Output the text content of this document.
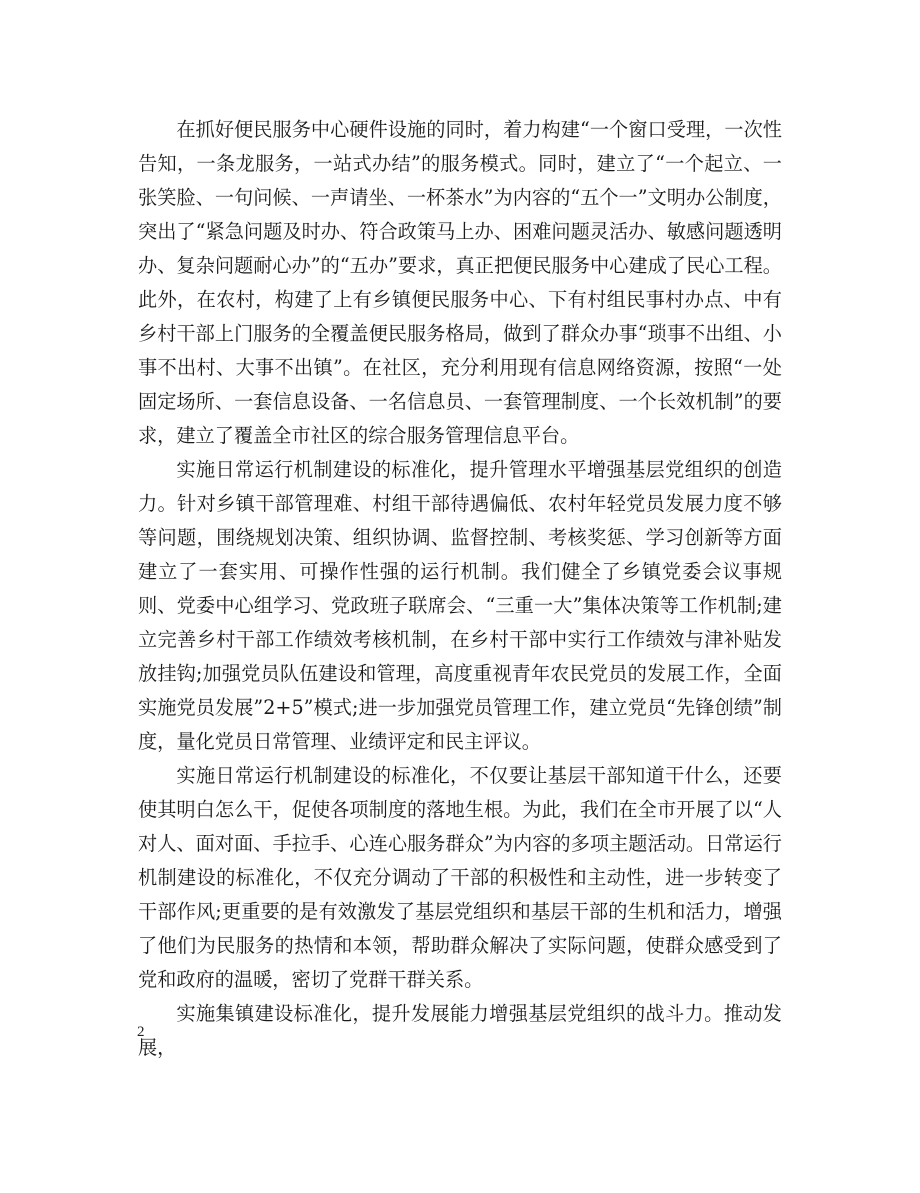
在抓好便民服务中心硬件设施的同时，着力构建“一个窗口受理，一次性告知，一条龙服务，一站式办结”的服务模式。同时，建立了“一个起立、一张笑脸、一句问候、一声请坐、一杯茶水”为内容的“五个一”文明办公制度，突出了“紧急问题及时办、符合政策马上办、困难问题灵活办、敏感问题透明办、复杂问题耐心办”的“五办”要求，真正把便民服务中心建成了民心工程。此外，在农村，构建了上有乡镇便民服务中心、下有村组民事村办点、中有乡村干部上门服务的全覆盖便民服务格局，做到了群众办事“琐事不出组、小事不出村、大事不出镇”。在社区，充分利用现有信息网络资源，按照“一处固定场所、一套信息设备、一名信息员、一套管理制度、一个长效机制”的要求，建立了覆盖全市社区的综合服务管理信息平台。

实施日常运行机制建设的标准化，提升管理水平增强基层党组织的创造力。针对乡镇干部管理难、村组干部待遇偏低、农村年轻党员发展力度不够等问题，围绕规划决策、组织协调、监督控制、考核奖惩、学习创新等方面建立了一套实用、可操作性强的运行机制。我们健全了乡镇党委会议事规则、党委中心组学习、党政班子联席会、“三重一大”集体决策等工作机制;建立完善乡村干部工作绩效考核机制，在乡村干部中实行工作绩效与津补贴发放挂钩;加强党员队伍建设和管理，高度重视青年农民党员的发展工作，全面实施党员发展”2+5”模式;进一步加强党员管理工作，建立党员“先锋创绩”制度，量化党员日常管理、业绩评定和民主评议。

实施日常运行机制建设的标准化，不仅要让基层干部知道干什么，还要使其明白怎么干，促使各项制度的落地生根。为此，我们在全市开展了以“人对人、面对面、手拉手、心连心服务群众”为内容的多项主题活动。日常运行机制建设的标准化，不仅充分调动了干部的积极性和主动性，进一步转变了干部作风;更重要的是有效激发了基层党组织和基层干部的生机和活力，增强了他们为民服务的热情和本领，帮助群众解决了实际问题，使群众感受到了党和政府的温暖，密切了党群干群关系。

实施集镇建设标准化，提升发展能力增强基层党组织的战斗力。推动发展，

2
